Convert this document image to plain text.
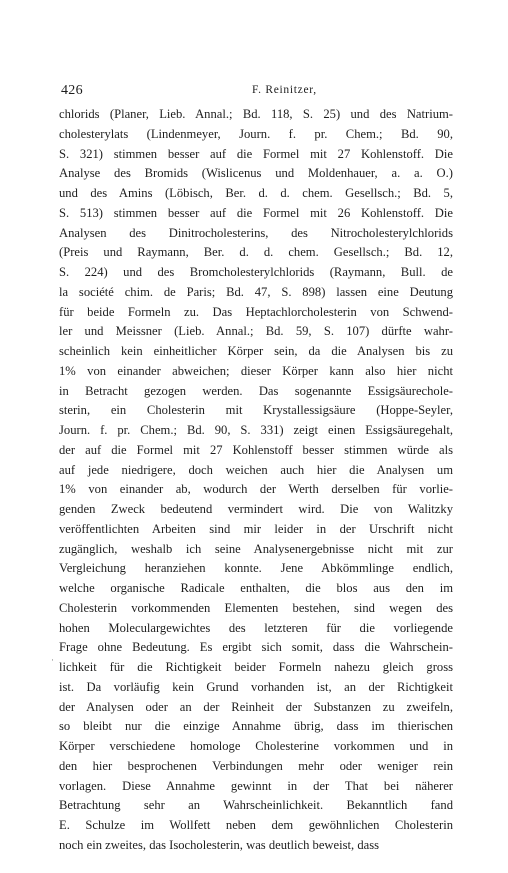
426	F. Reinitzer,
chlorids (Planer, Lieb. Annal.; Bd. 118, S. 25) und des Natrium-
cholesterylats (Lindenmeyer, Journ. f. pr. Chem.; Bd. 90,
S. 321) stimmen besser auf die Formel mit 27 Kohlenstoff. Die
Analyse des Bromids (Wislicenus und Moldenhauer, a. a. O.)
und des Amins (Löbisch, Ber. d. d. chem. Gesellsch.; Bd. 5,
S. 513) stimmen besser auf die Formel mit 26 Kohlenstoff. Die
Analysen des Dinitrocholesterins, des Nitrocholesterylchlorids
(Preis und Raymann, Ber. d. d. chem. Gesellsch.; Bd. 12,
S. 224) und des Bromcholesterylchlorids (Raymann, Bull. de
la société chim. de Paris; Bd. 47, S. 898) lassen eine Deutung
für beide Formeln zu. Das Heptachlorcholesterin von Schwend-
ler und Meissner (Lieb. Annal.; Bd. 59, S. 107) dürfte wahr-
scheinlich kein einheitlicher Körper sein, da die Analysen bis zu
1% von einander abweichen; dieser Körper kann also hier nicht
in Betracht gezogen werden. Das sogenannte Essigsäurechole-
sterin, ein Cholesterin mit Krystallessigsäure (Hoppe-Seyler,
Journ. f. pr. Chem.; Bd. 90, S. 331) zeigt einen Essigsäuregehalt,
der auf die Formel mit 27 Kohlenstoff besser stimmen würde als
auf jede niedrigere, doch weichen auch hier die Analysen um
1% von einander ab, wodurch der Werth derselben für vorlie-
genden Zweck bedeutend vermindert wird. Die von Walitzky
veröffentlichten Arbeiten sind mir leider in der Urschrift nicht
zugänglich, weshalb ich seine Analysenergebnisse nicht mit zur
Vergleichung heranziehen konnte. Jene Abkömmlinge endlich,
welche organische Radicale enthalten, die blos aus den im
Cholesterin vorkommenden Elementen bestehen, sind wegen des
hohen Moleculargewichtes des letzteren für die vorliegende
Frage ohne Bedeutung. Es ergibt sich somit, dass die Wahrschein-
lichkeit für die Richtigkeit beider Formeln nahezu gleich gross
ist. Da vorläufig kein Grund vorhanden ist, an der Richtigkeit
der Analysen oder an der Reinheit der Substanzen zu zweifeln,
so bleibt nur die einzige Annahme übrig, dass im thierischen
Körper verschiedene homologe Cholesterine vorkommen und in
den hier besprochenen Verbindungen mehr oder weniger rein
vorlagen. Diese Annahme gewinnt in der That bei näherer
Betrachtung sehr an Wahrscheinlichkeit. Bekanntlich fand
E. Schulze im Wollfett neben dem gewöhnlichen Cholesterin
noch ein zweites, das Isocholesterin, was deutlich beweist, dass
·
